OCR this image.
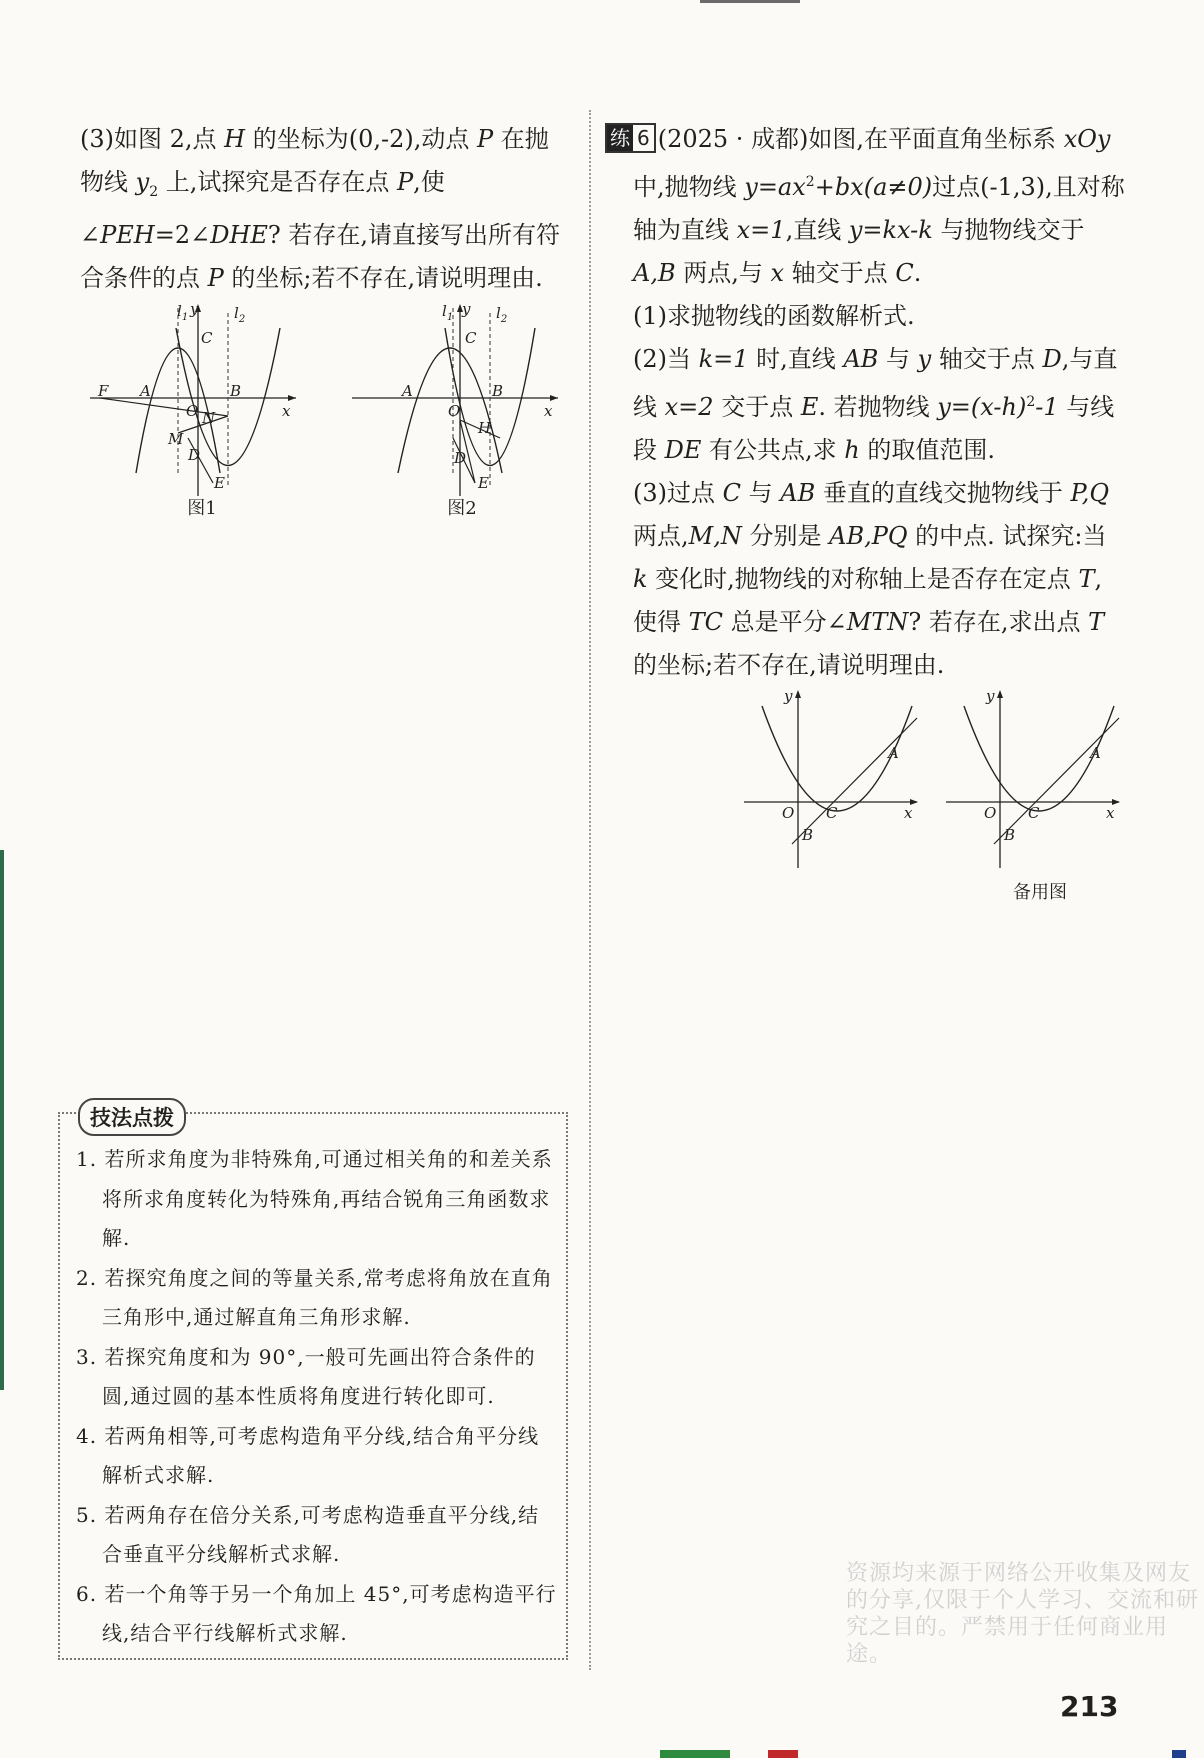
(3)如图 2,点 H 的坐标为(0,-2),动点 P 在抛物线 $y_2$ 上,试探究是否存在点 P,使∠PEH=2∠DHE? 若存在,请直接写出所有符合条件的点 P 的坐标;若不存在,请说明理由.

F A
O
B
C
N
M
D
E
x
y
$l_1$	$l_2$
图1
A
O
B
C
H
D
E
x
y
$l_1$	$l_2$
图2
技法点拨
1. 若所求角度为非特殊角,可通过相关角的和差关系将所求角度转化为特殊角,再结合锐角三角函数求解.
2. 若探究角度之间的等量关系,常考虑将角放在直角三角形中,通过解直角三角形求解.
3. 若探究角度和为 90°,一般可先画出符合条件的圆,通过圆的基本性质将角度进行转化即可.
4. 若两角相等,可考虑构造角平分线,结合角平分线解析式求解.
5. 若两角存在倍分关系,可考虑构造垂直平分线,结合垂直平分线解析式求解.
6. 若一个角等于另一个角加上 45°,可考虑构造平行线,结合平行线解析式求解.

练 6 (2025 · 成都)如图,在平面直角坐标系 xOy

中,抛物线 $y=ax^2+bx(a\ne 0)$过点(-1,3),且对称轴为直线 x=1,直线 y=kx-k 与抛物线交于 A,B 两点,与 x 轴交于点 C.

(1)求抛物线的函数解析式.

(2)当 k=1 时,直线 AB 与 y 轴交于点 D,与直线 x=2 交于点 E. 若抛物线 $y=(x-h)^2-1$ 与线段 DE 有公共点,求 h 的取值范围.

(3)过点 C 与 AB 垂直的直线交抛物线于 P,Q 两点,M,N 分别是 AB,PQ 的中点. 试探究:当 k 变化时,抛物线的对称轴上是否存在定点 T,使得 TC 总是平分∠MTN? 若存在,求出点 T 的坐标;若不存在,请说明理由.

y
O C
B
A
x
y
O C
B
A
x
备用图
资源均来源于网络公开收集及网友的分享,仅限于个人学习、交流和研究之目的。严禁用于任何商业用途。
213
